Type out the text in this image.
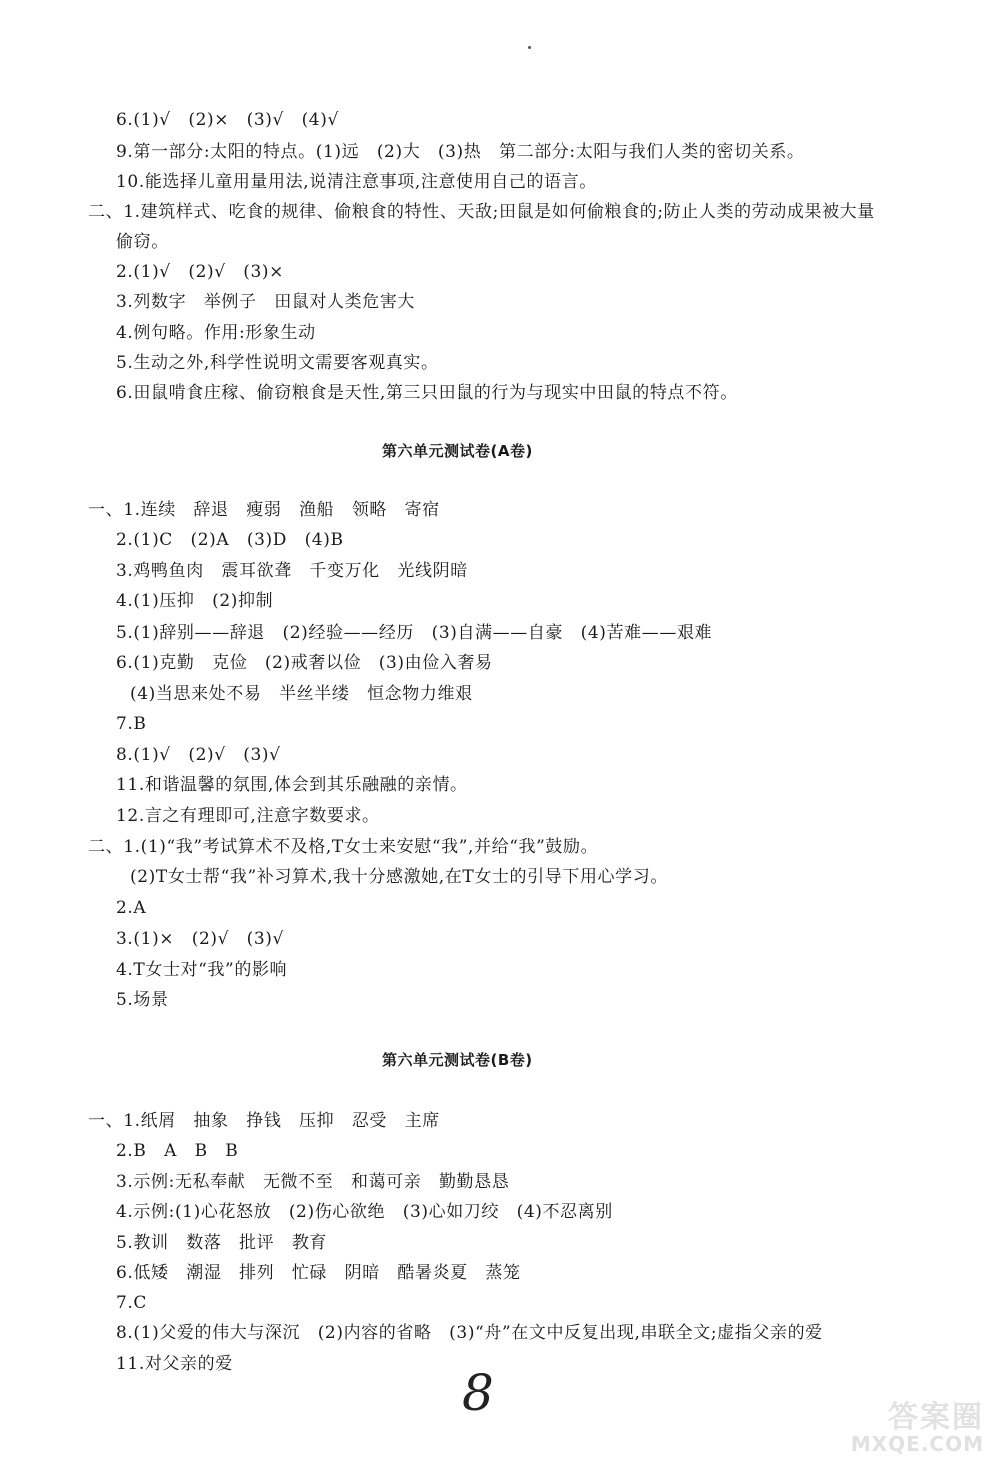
6.(1)√　(2)×　(3)√　(4)√
9.第一部分:太阳的特点。(1)远　(2)大　(3)热　第二部分:太阳与我们人类的密切关系。
10.能选择儿童用量用法,说清注意事项,注意使用自己的语言。
二、1.建筑样式、吃食的规律、偷粮食的特性、天敌;田鼠是如何偷粮食的;防止人类的劳动成果被大量
偷窃。
2.(1)√　(2)√　(3)×
3.列数字　举例子　田鼠对人类危害大
4.例句略。作用:形象生动
5.生动之外,科学性说明文需要客观真实。
6.田鼠啃食庄稼、偷窃粮食是天性,第三只田鼠的行为与现实中田鼠的特点不符。
第六单元测试卷(A卷)
一、1.连续　辞退　瘦弱　渔船　领略　寄宿
2.(1)C　(2)A　(3)D　(4)B
3.鸡鸭鱼肉　震耳欲聋　千变万化　光线阴暗
4.(1)压抑　(2)抑制
5.(1)辞别——辞退　(2)经验——经历　(3)自满——自豪　(4)苦难——艰难
6.(1)克勤　克俭　(2)戒奢以俭　(3)由俭入奢易
(4)当思来处不易　半丝半缕　恒念物力维艰
7.B
8.(1)√　(2)√　(3)√
11.和谐温馨的氛围,体会到其乐融融的亲情。
12.言之有理即可,注意字数要求。
二、1.(1)“我”考试算术不及格,T女士来安慰“我”,并给“我”鼓励。
(2)T女士帮“我”补习算术,我十分感激她,在T女士的引导下用心学习。
2.A
3.(1)×　(2)√　(3)√
4.T女士对“我”的影响
5.场景
第六单元测试卷(B卷)
一、1.纸屑　抽象　挣钱　压抑　忍受　主席
2.B　A　B　B
3.示例:无私奉献　无微不至　和蔼可亲　勤勤恳恳
4.示例:(1)心花怒放　(2)伤心欲绝　(3)心如刀绞　(4)不忍离别
5.教训　数落　批评　教育
6.低矮　潮湿　排列　忙碌　阴暗　酷暑炎夏　蒸笼
7.C
8.(1)父爱的伟大与深沉　(2)内容的省略　(3)“舟”在文中反复出现,串联全文;虚指父亲的爱
11.对父亲的爱	8	答案圈
MXQE.COM
